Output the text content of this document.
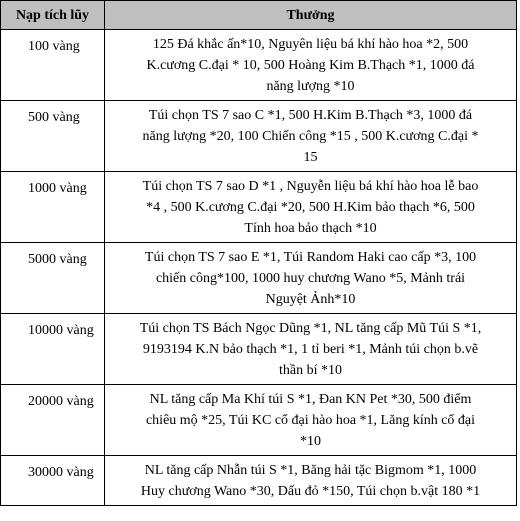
Nạp tích lũy	Thưởng
100 vàng	125 Đá khắc ấn*10, Nguyên liệu bá khí hào hoa *2, 500
K.cương C.đại * 10, 500 Hoàng Kim B.Thạch *1, 1000 đá
năng lượng *10

500 vàng	Túi chọn TS 7 sao C *1, 500 H.Kim B.Thạch *3, 1000 đá
năng lượng *20, 100 Chiến công *15 , 500 K.cương C.đại *
15

1000 vàng	Túi chọn TS 7 sao D *1 , Nguyễn liệu bá khí hào hoa lễ bao
*4 , 500 K.cương C.đại *20, 500 H.Kim bảo thạch *6, 500
Tính hoa bảo thạch *10

5000 vàng	Túi chọn TS 7 sao E *1, Túi Random Haki cao cấp *3, 100
chiến công*100, 1000 huy chương Wano *5, Mảnh trái
Nguyệt Ảnh*10

10000 vàng	Túi chọn TS Bách Ngọc Dũng *1, NL tăng cấp Mũ Túi S *1,
9193194 K.N bảo thạch *1, 1 tỉ beri *1, Mảnh túi chọn b.vẽ
thần bí *10

20000 vàng	NL tăng cấp Ma Khí túi S *1, Đan KN Pet *30, 500 điểm
chiêu mộ *25, Túi KC cổ đại hào hoa *1, Lăng kính cổ đại
*10

30000 vàng	NL tăng cấp Nhẫn túi S *1, Băng hải tặc Bigmom *1, 1000
Huy chương Wano *30, Dấu đỏ *150, Túi chọn b.vật 180 *1
